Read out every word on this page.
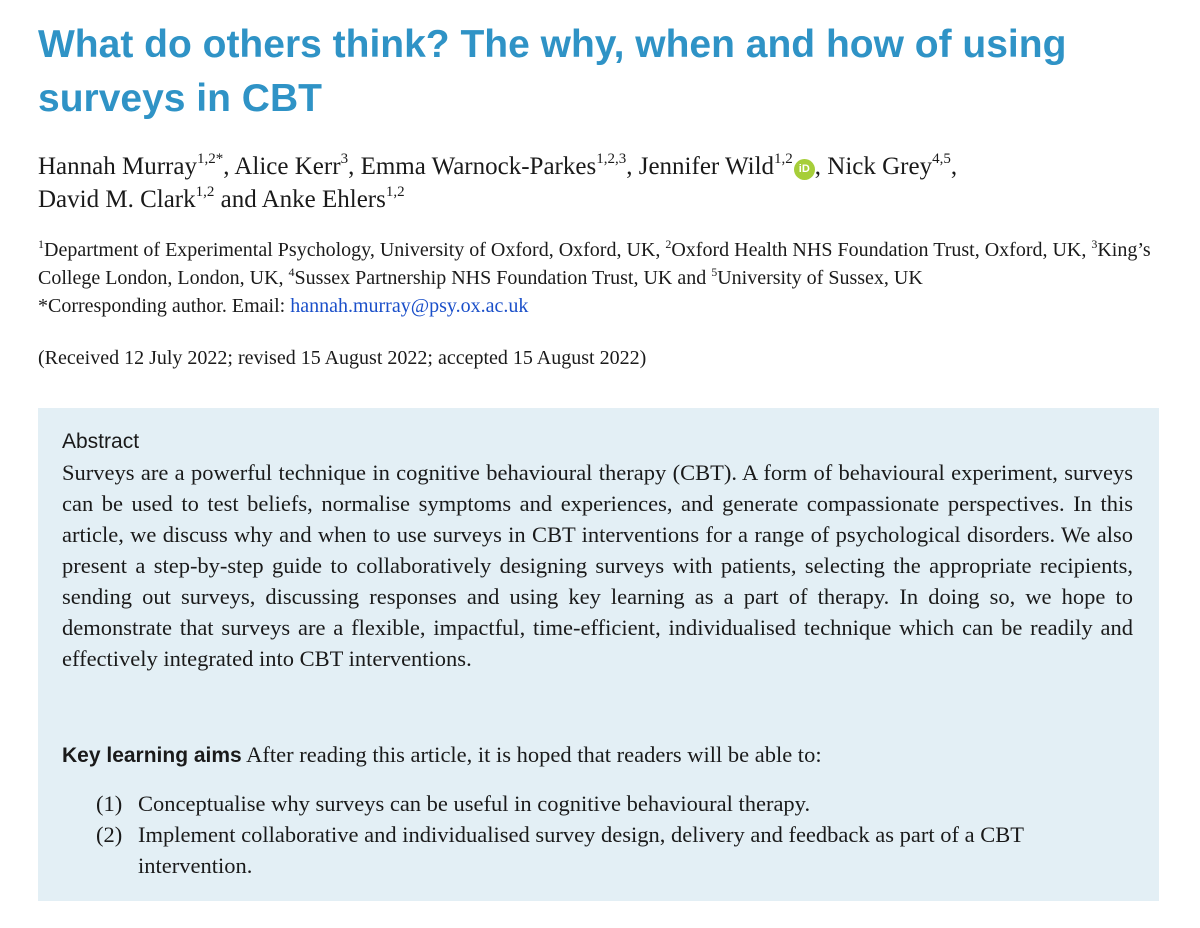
What do others think? The why, when and how of using surveys in CBT

Hannah Murray$^{1,2*}$, Alice Kerr$^3$, Emma Warnock-Parkes$^{1,2,3}$, Jennifer Wild$^{1,2}$iD , Nick Grey$^{4,5}$,
David M. Clark$^{1,2}$ and Anke Ehlers$^{1,2}$

$^1$Department of Experimental Psychology, University of Oxford, Oxford, UK, $^2$Oxford Health NHS Foundation Trust, Oxford, UK, $^3$King’s College London, London, UK, $^4$Sussex Partnership NHS Foundation Trust, UK and $^5$University of Sussex, UK
*Corresponding author. Email: hannah.murray@psy.ox.ac.uk

(Received 12 July 2022; revised 15 August 2022; accepted 15 August 2022)

Abstract

Surveys are a powerful technique in cognitive behavioural therapy (CBT). A form of behavioural experiment, surveys can be used to test beliefs, normalise symptoms and experiences, and generate compassionate perspectives. In this article, we discuss why and when to use surveys in CBT interventions for a range of psychological disorders. We also present a step-by-step guide to collaboratively designing surveys with patients, selecting the appropriate recipients, sending out surveys, discussing responses and using key learning as a part of therapy. In doing so, we hope to demonstrate that surveys are a flexible, impactful, time-efficient, individualised technique which can be readily and effectively integrated into CBT interventions.

Key learning aims After reading this article, it is hoped that readers will be able to:

(1) Conceptualise why surveys can be useful in cognitive behavioural therapy.
(2) Implement collaborative and individualised survey design, delivery and feedback as part of a CBT intervention.
